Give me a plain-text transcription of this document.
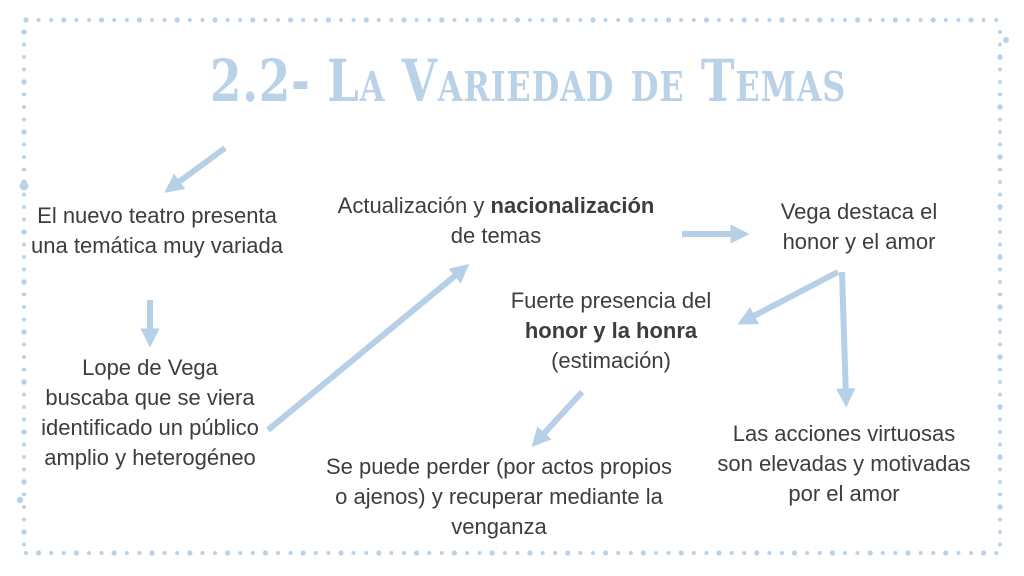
2.2- La Variedad de Temas
El nuevo teatro presenta una temática muy variada
Lope de Vega buscaba que se viera identificado un público amplio y heterogéneo
Actualización y nacionalización
de temas
Vega destaca el honor y el amor
Fuerte presencia del
honor y la honra
(estimación)
Se puede perder (por actos propios o ajenos) y recuperar mediante la venganza
Las acciones virtuosas son elevadas y motivadas por el amor
